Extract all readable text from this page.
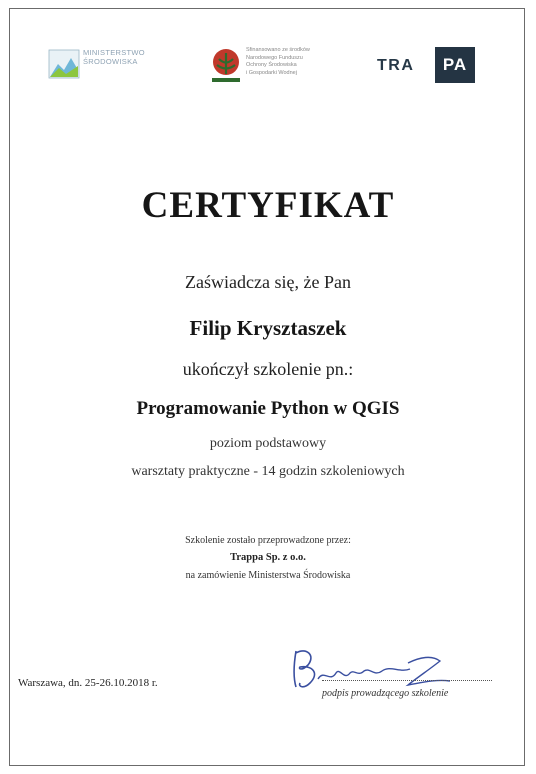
MINISTERSTWO
ŚRODOWISKA
Sfinansowano ze środków
Narodowego Funduszu
Ochrony Środowiska
i Gospodarki Wodnej	TRA	PA
CERTYFIKAT
Zaświadcza się, że Pan
Filip Krysztaszek
ukończył szkolenie pn.:
Programowanie Python w QGIS
poziom podstawowy
warsztaty praktyczne - 14 godzin szkoleniowych
Szkolenie zostało przeprowadzone przez:
Trappa Sp. z o.o.
na zamówienie Ministerstwa Środowiska
Warszawa, dn. 25-26.10.2018 r.
podpis prowadzącego szkolenie
